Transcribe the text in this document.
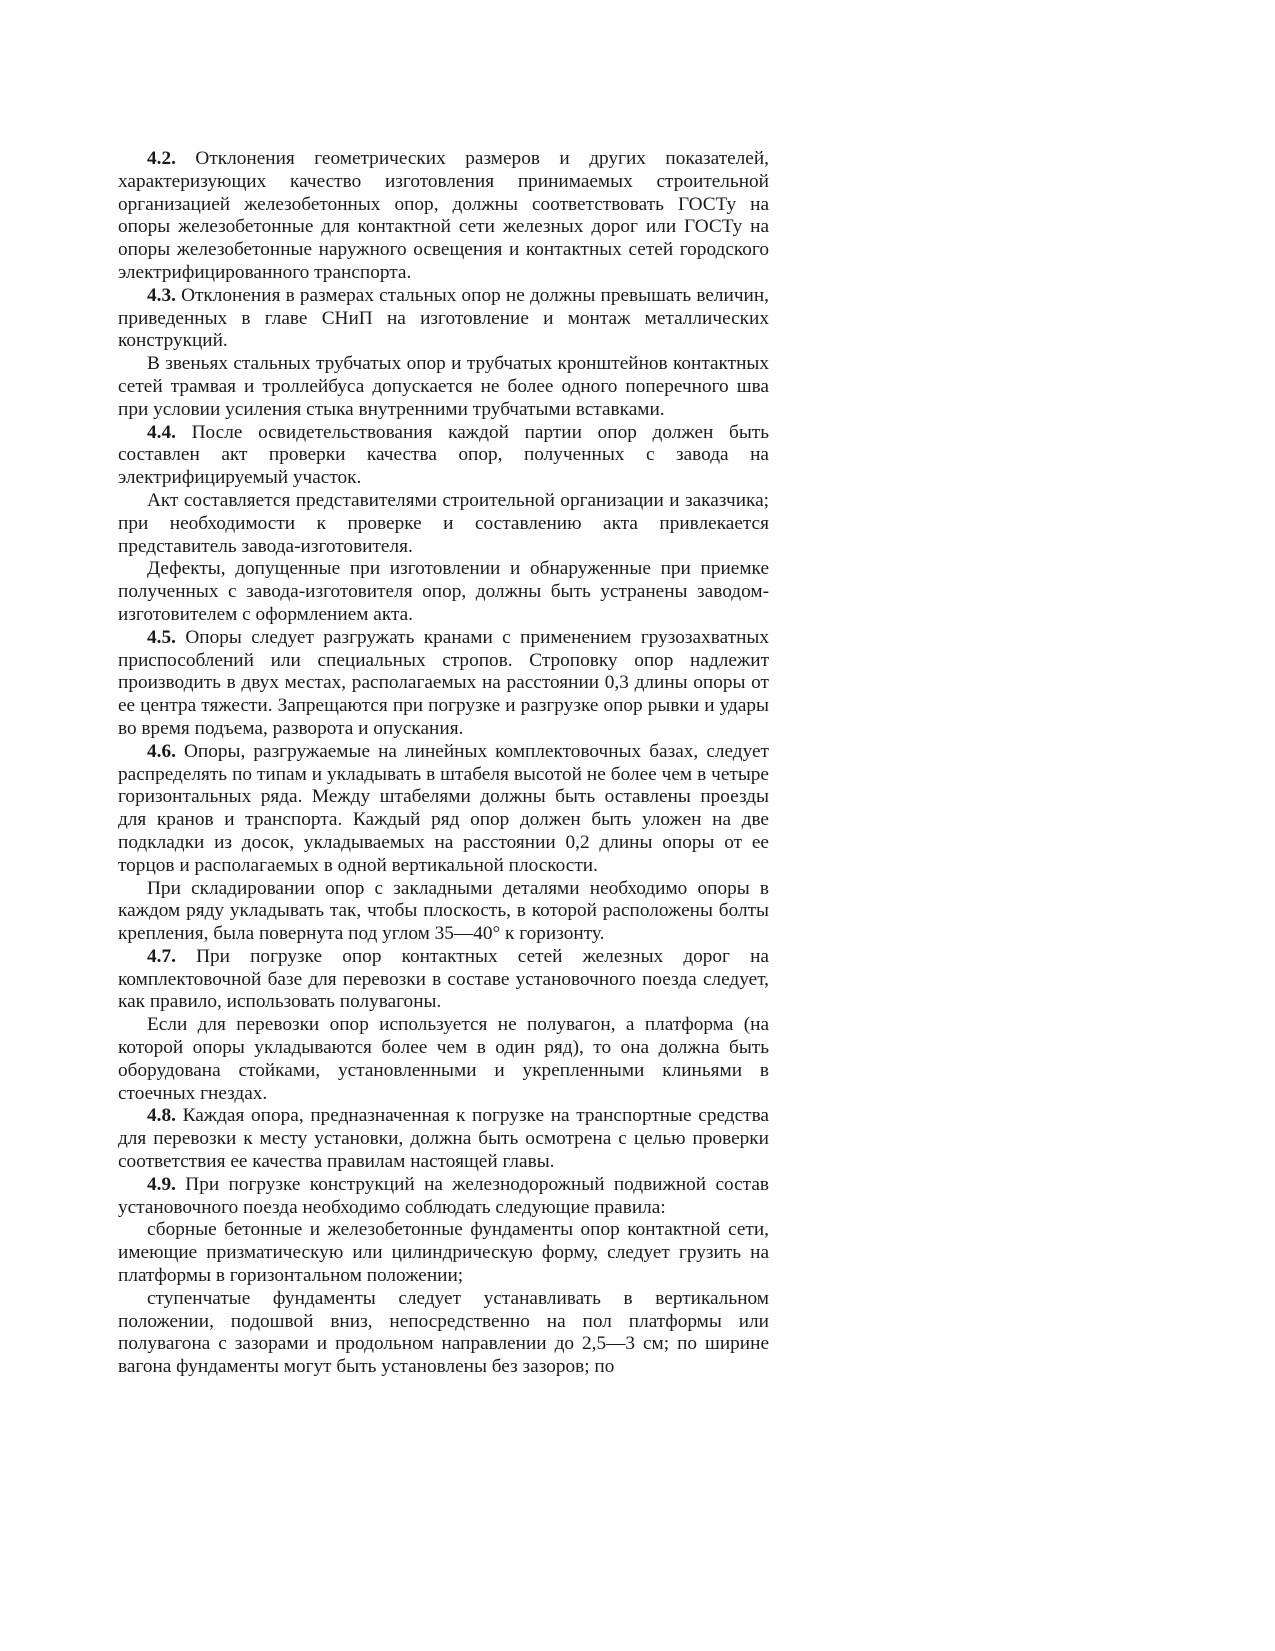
4.2. Отклонения геометрических размеров и других показателей, характеризующих качество изготовления принимаемых строительной организацией железобетонных опор, должны соответствовать ГОСТу на опоры железобетонные для контактной сети железных дорог или ГОСТу на опоры железобетонные наружного освещения и контактных сетей городского электрифицированного транспорта.

4.3. Отклонения в размерах стальных опор не должны превышать величин, приведенных в главе СНиП на изготовление и монтаж металлических конструкций.

В звеньях стальных трубчатых опор и трубчатых кронштейнов контактных сетей трамвая и троллейбуса допускается не более одного поперечного шва при условии усиления стыка внутренними трубчатыми вставками.

4.4. После освидетельствования каждой партии опор должен быть составлен акт проверки качества опор, полученных с завода на электрифицируемый участок.

Акт составляется представителями строительной организации и заказчика; при необходимости к проверке и составлению акта привлекается представитель завода-изготовителя.

Дефекты, допущенные при изготовлении и обнаруженные при приемке полученных с завода-изготовителя опор, должны быть устранены заводом-изготовителем с оформлением акта.

4.5. Опоры следует разгружать кранами с применением грузозахватных приспособлений или специальных стропов. Строповку опор надлежит производить в двух местах, располагаемых на расстоянии 0,3 длины опоры от ее центра тяжести. Запрещаются при погрузке и разгрузке опор рывки и удары во время подъема, разворота и опускания.

4.6. Опоры, разгружаемые на линейных комплектовочных базах, следует распределять по типам и укладывать в штабеля высотой не более чем в четыре горизонтальных ряда. Между штабелями должны быть оставлены проезды для кранов и транспорта. Каждый ряд опор должен быть уложен на две подкладки из досок, укладываемых на расстоянии 0,2 длины опоры от ее торцов и располагаемых в одной вертикальной плоскости.

При складировании опор с закладными деталями необходимо опоры в каждом ряду укладывать так, чтобы плоскость, в которой расположены болты крепления, была повернута под углом 35—40° к горизонту.

4.7. При погрузке опор контактных сетей железных дорог на комплектовочной базе для перевозки в составе установочного поезда следует, как правило, использовать полувагоны.

Если для перевозки опор используется не полувагон, а платформа (на которой опоры укладываются более чем в один ряд), то она должна быть оборудована стойками, установленными и укрепленными клиньями в стоечных гнездах.

4.8. Каждая опора, предназначенная к погрузке на транспортные средства для перевозки к месту установки, должна быть осмотрена с целью проверки соответствия ее качества правилам настоящей главы.

4.9. При погрузке конструкций на железнодорожный подвижной состав установочного поезда необходимо соблюдать следующие правила:

сборные бетонные и железобетонные фундаменты опор контактной сети, имеющие призматическую или цилиндрическую форму, следует грузить на платформы в горизонтальном положении;

ступенчатые фундаменты следует устанавливать в вертикальном положении, подошвой вниз, непосредственно на пол платформы или полувагона с зазорами и продольном направлении до 2,5—3 см; по ширине вагона фундаменты могут быть установлены без зазоров; по
